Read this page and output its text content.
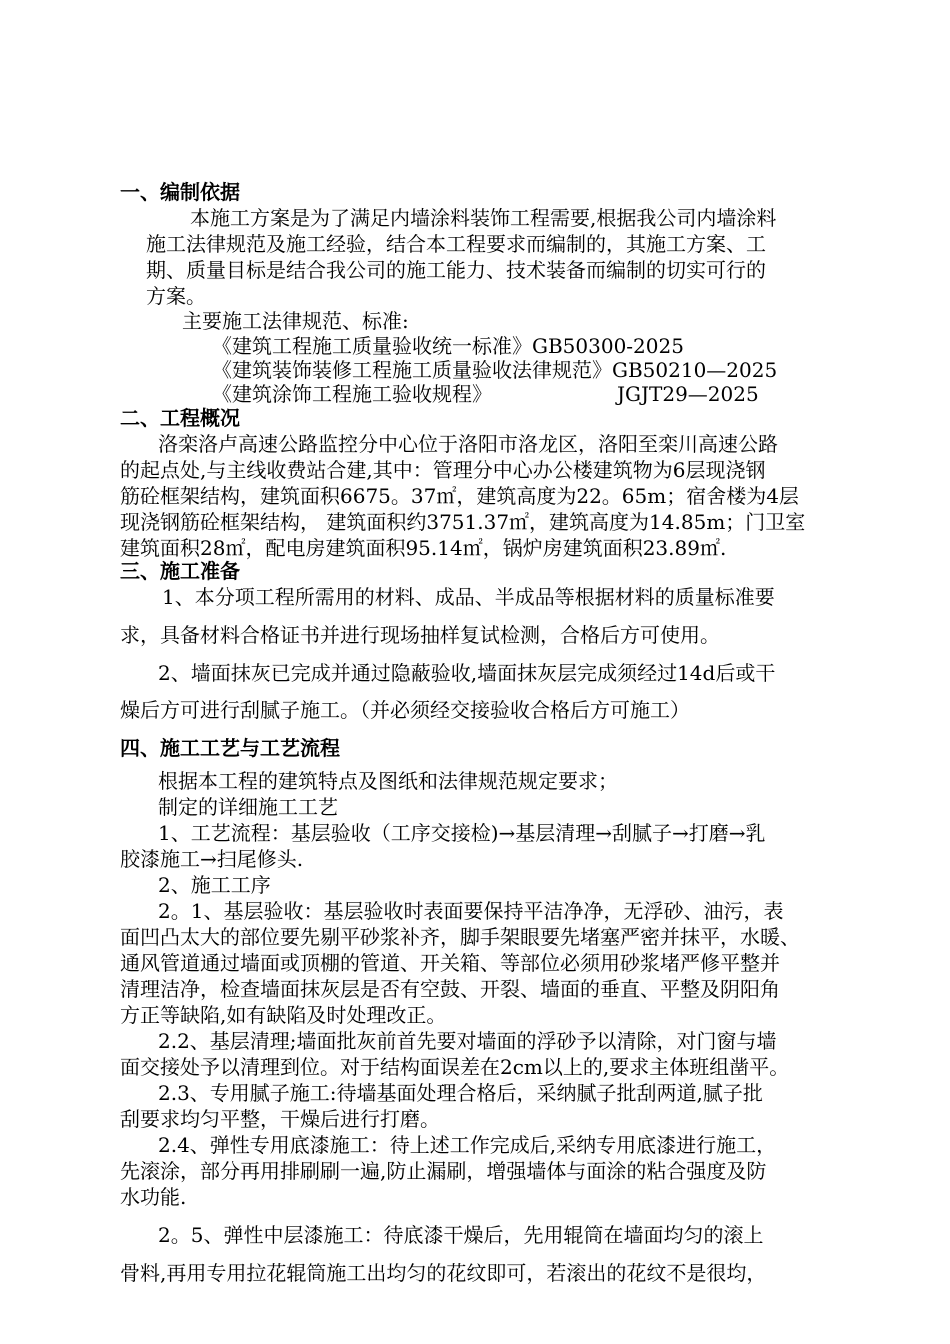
一、编制依据
本施工方案是为了满足内墙涂料装饰工程需要,根据我公司内墙涂料
施工法律规范及施工经验，结合本工程要求而编制的，其施工方案、工
期、质量目标是结合我公司的施工能力、技术装备而编制的切实可行的
方案。
主要施工法律规范、标准:
《建筑工程施工质量验收统一标准》GB50300-2025
《建筑装饰装修工程施工质量验收法律规范》GB50210—2025
《建筑涂饰工程施工验收规程》	JGJT29—2025
二、工程概况
洛栾洛卢高速公路监控分中心位于洛阳市洛龙区，洛阳至栾川高速公路
的起点处,与主线收费站合建,其中：管理分中心办公楼建筑物为6层现浇钢
筋砼框架结构，建筑面积6675。37㎡，建筑高度为22。65m；宿舍楼为4层
现浇钢筋砼框架结构， 建筑面积约3751.37㎡，建筑高度为14.85m；门卫室
建筑面积28㎡，配电房建筑面积95.14㎡，锅炉房建筑面积23.89㎡.
三、施工准备
1、本分项工程所需用的材料、成品、半成品等根据材料的质量标准要
求，具备材料合格证书并进行现场抽样复试检测，合格后方可使用。
2、墙面抹灰已完成并通过隐蔽验收,墙面抹灰层完成须经过14d后或干
燥后方可进行刮腻子施工。（并必须经交接验收合格后方可施工）
四、施工工艺与工艺流程
根据本工程的建筑特点及图纸和法律规范规定要求；
制定的详细施工工艺
1、工艺流程：基层验收（工序交接检)→基层清理→刮腻子→打磨→乳
胶漆施工→扫尾修头.
2、施工工序
2。1、基层验收：基层验收时表面要保持平洁净净，无浮砂、油污，表
面凹凸太大的部位要先剔平砂浆补齐，脚手架眼要先堵塞严密并抹平，水暖、
通风管道通过墙面或顶棚的管道、开关箱、等部位必须用砂浆堵严修平整并
清理洁净，检查墙面抹灰层是否有空鼓、开裂、墙面的垂直、平整及阴阳角
方正等缺陷,如有缺陷及时处理改正。
2.2、基层清理;墙面批灰前首先要对墙面的浮砂予以清除，对门窗与墙
面交接处予以清理到位。对于结构面误差在2cm以上的,要求主体班组凿平。
2.3、专用腻子施工:待墙基面处理合格后，采纳腻子批刮两道,腻子批
刮要求均匀平整，干燥后进行打磨。
2.4、弹性专用底漆施工：待上述工作完成后,采纳专用底漆进行施工，
先滚涂，部分再用排刷刷一遍,防止漏刷，增强墙体与面涂的粘合强度及防
水功能.
2。5、弹性中层漆施工：待底漆干燥后，先用辊筒在墙面均匀的滚上
骨料,再用专用拉花辊筒施工出均匀的花纹即可，若滚出的花纹不是很均，
